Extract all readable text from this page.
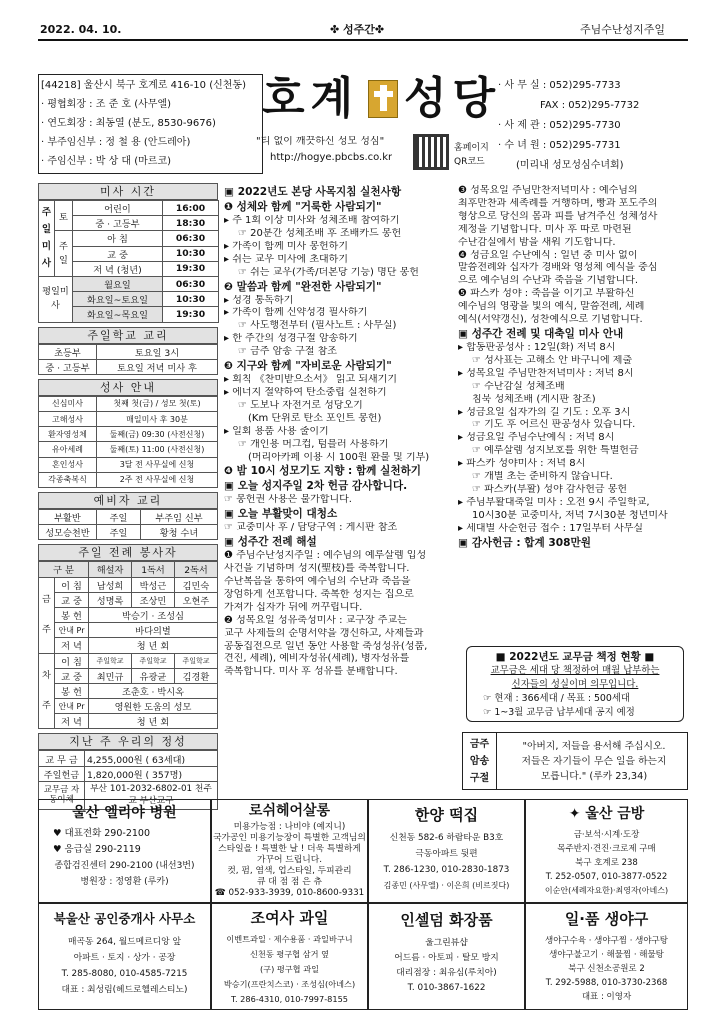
2022. 04. 10.	✤ 성주간✤	주님수난성지주일
[44218] 울산시 북구 호계로 416-10 (신천동)
· 평협회장 : 조 준 호 (사무엘)
· 연도회장 : 최동열 (분도, 8530-9676)
· 부주임신부 : 정 철 용 (안드레아)
· 주임신부 : 박 상 대 (마르코)
호계 성당
"티 없이 깨끗하신 성모 성심"
http://hogye.pbcbs.co.kr
홈페이지
QR코드
· 사 무 실 : 052)295-7733
FAX : 052)295-7732
· 사 제 관 : 052)295-7730
· 수 녀 원 : 052)295-7731
(미리내 성모성심수녀회)
미사 시간
주일미사	토	어린이	16:00
		중 · 고등부	18:30
	주일	아 침	06:30
		교 중	10:30
		저 녁 (청년)	19:30
평일미사		월요일	06:30
		화요일~토요일	10:30
		화요일~목요일	19:30
주일학교 교리
초등부	토요일 3시
중 · 고등부	토요일 저녁 미사 후
성사 안내
신심미사	첫째 첫(금) / 성모 첫(토)
고해성사	매일미사 후 30분
환자영성체	둘째(금) 09:30 (사전신청)
유아세례	둘째(토) 11:00 (사전신청)
혼인성사	3달 전 사무실에 신청
각종축복식	2주 전 사무실에 신청
예비자 교리
부활반	주일	부주임 신부
성모승천반	주일	황청 수녀
주일 전례 봉사자
구 분		해설자	1독서	2독서
금주	이 침	남성희	박성근	김민숙
	교 중	성명록	조상민	오현주
	봉 헌	박승기 · 조성심		
	안내 Pr	바다의별		
	저 녁	청 년 회		
차주	이 침	주일학교	주일학교	주일학교
	교 중	최민규	유광균	김경환
	봉 헌	조춘호 · 박시옥		
	안내 Pr	영원한 도움의 성모		
	저 녁	청 년 회		
지난 주 우리의 정성
교 무 금	4,255,000원 ( 63세대)
주일헌금	1,820,000원 ( 357명)
교무금 자동이체	부산 101-2032-6802-01 천주교 부산교구

▣ 2022년도 본당 사목지침 실천사항

❶ 성체와 함께 "거룩한 사람되기"

▸ 주 1회 이상 미사와 성체조배 참여하기

☞ 20분간 성체조배 후 조배카드 봉헌

▸ 가족이 함께 미사 봉헌하기

▸ 쉬는 교우 미사에 초대하기

☞ 쉬는 교우(가족/더본당 기능) 명단 봉헌

❷ 말씀과 함께 "완전한 사람되기"

▸ 성경 통독하기

▸ 가족이 함께 신약성경 필사하기

☞ 사도행전부터 (필사노트 : 사무실)

▸ 한 주간의 성경구절 암송하기

☞ 금주 암송 구절 참조

❸ 지구와 함께 "자비로운 사람되기"

▸ 회칙 《찬미받으소서》 읽고 되새기기

▸ 에너지 절약하여 탄소중립 실천하기

☞ 도보나 자전거로 성당오기

(Km 단위로 탄소 포인트 봉헌)

▸ 일회 용품 사용 줄이기

☞ 개인용 머그컵, 텀블러 사용하기

(머리아카페 이용 시 100원 환불 및 기부)

❹ 밤 10시 성모기도 지향 : 함께 실천하기

▣ 오늘 성지주일 2차 헌금 감사합니다.

☞ 봉헌권 사용은 불가합니다.

▣ 오늘 부활맞이 대청소

☞ 교중미사 후 / 담당구역 : 게시판 참조

▣ 성주간 전례 해설

❶ 주님수난성지주일 : 예수님의 예루살렘 입성

사건을 기념하며 성지(聖枝)를 축복합니다.

수난복음을 통하여 예수님의 수난과 죽음을

장엄하게 선포합니다. 축복한 성지는 집으로

가져가 십자가 뒤에 꺼꾸립니다.

❷ 성목요일 성유축성미사 : 교구장 주교는

교구 사제들의 순명서약을 갱신하고, 사제들과

공동집전으로 일년 동안 사용할 축성성유(성품,

견진, 세례), 예비자성유(세례), 병자성유를

축복합니다. 미사 후 성유를 분배합니다.

❸ 성목요일 주님만찬저녁미사 : 예수님의

최후만찬과 세족례를 거행하며, 빵과 포도주의

형상으로 당신의 몸과 피를 남겨주신 성체성사

제정을 기념합니다. 미사 후 따로 마련된

수난감실에서 밤을 새워 기도합니다.

❹ 성금요일 수난예식 : 일년 중 미사 없이

말씀전례와 십자가 경배와 영성체 예식을 중심

으로 예수님의 수난과 죽음을 기념합니다.

❺ 파스카 성야 : 죽음을 이기고 부활하신

예수님의 영광을 빛의 예식, 말씀전례, 세례

예식(서약갱신), 성찬예식으로 기념합니다.

▣ 성주간 전례 및 대축일 미사 안내

▸ 합동판공성사 : 12일(화) 저녁 8시

☞ 성사표는 고해소 안 바구니에 제출

▸ 성목요일 주님만찬저녁미사 : 저녁 8시

☞ 수난감실 성체조배

침묵 성체조배 (게시판 참조)

▸ 성금요일 십자가의 길 기도 : 오후 3시

☞ 기도 후 어르신 판공성사 있습니다.

▸ 성금요일 주님수난예식 : 저녁 8시

☞ 예루살렘 성지보호를 위한 특별헌금

▸ 파스카 성야미사 : 저녁 8시

☞ 개별 초는 준비하지 않습니다.

☞ 파스카(부활) 성야 감사헌금 봉헌

▸ 주님부활대축일 미사 : 오전 9시 주일학교,

10시30분 교중미사, 저녁 7시30분 청년미사

▸ 세대별 사순헌금 접수 : 17일부터 사무실

▣ 감사헌금 : 합계 308만원

■ 2022년도 교무금 책정 현황 ■
교무금은 세대 당 책정하여 매월 납부하는
신자들의 성실이며 의무입니다.
☞ 현재 : 366세대 / 목표 : 500세대
☞ 1~3월 교무금 납부세대 공지 예정
금주
암송
구절
"아버지, 저들을 용서해 주십시오.
저들은 자기들이 무슨 일을 하는지
모릅니다." (루카 23,34)
울산 엘리야 병원
♥ 대표전화 290-2100
♥ 응급실 290-2119
종합검진센터 290-2100 (내선3번)
병원장 : 정영환 (루카)
로쉬헤어살롱
미용가능점 : 나비야 (예지니)
국가공인 미용기능장이 특별한 고객님의
스타일을 ! 특별한 날 ! 더욱 특별하게
가꾸어 드립니다.
컷, 펌, 염색, 업스타일, 두피관리
큐 대 점 점 은 츄
☎ 052-933-3939, 010-8600-9331
한양 떡집
신천동 582-6 하람타운 B3호
극동아파트 뒷편
T. 286-1230, 010-2830-1873
김종민 (사무엘) · 이은희 (비르짓다)
✦ 울산 금방
금·보석·시계·도장
목주반지·견진·크로제 구매
북구 호계로 238
T. 252-0507, 010-3877-0522
이순안(세례자요한)·최영자(아녜스)
북울산 공인중개사 사무소
매곡동 264, 월드메르디앙 앞
아파트 · 토지 · 상가 · 공장
T. 285-8080, 010-4585-7215
대표 : 최성림(헤드로헬레스티노)
조여사 과일
이벤트과일 · 제수용품 · 과일바구니
신천동 평구협 삼거 옆
(구) 평구협 과일
박승기(프란치스코) · 조성심(아녜스)
T. 286-4310, 010-7997-8155
인셀덤 화장품
울그린뷰샵
어드름 · 아토피 · 탈모 방지
대리점장 : 최유심(루치아)
T. 010-3867-1622
일·품 생야구
생야구수육 · 생야구찜 · 생야구탕
생야구불고기 · 해물찜 · 해물탕
북구 신천소공원로 2
T. 292-5988, 010-3730-2368
대표 : 이영자
